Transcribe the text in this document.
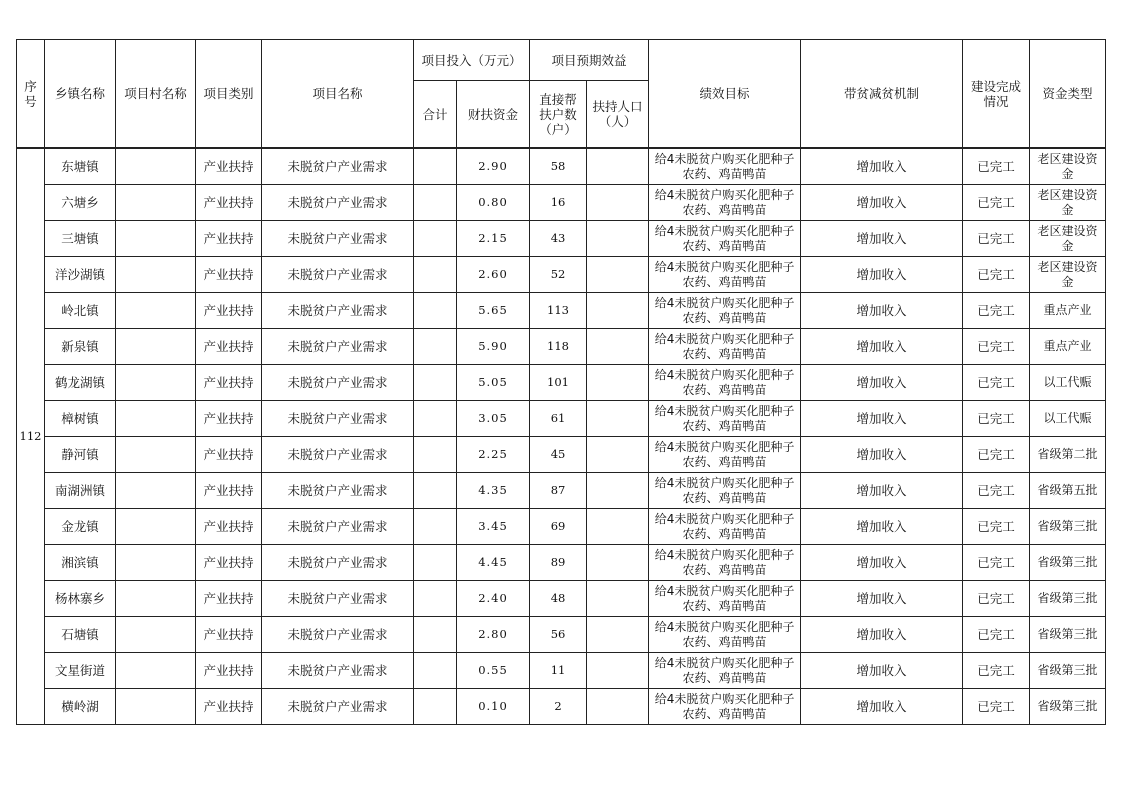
序
号	乡镇名称	项目村名称	项目类别	项目名称	项目投入（万元）		项目预期效益		绩效目标	带贫减贫机制	建设完成情况	资金类型
					合计	财扶资金	直接帮扶户数（户）	扶持人口（人）				
112	东塘镇		产业扶持	未脱贫户产业需求		2.90	58		给4未脱贫户购买化肥种子农药、鸡苗鸭苗	增加收入	已完工	老区建设资金
	六塘乡		产业扶持	未脱贫户产业需求		0.80	16		给4未脱贫户购买化肥种子农药、鸡苗鸭苗	增加收入	已完工	老区建设资金
	三塘镇		产业扶持	未脱贫户产业需求		2.15	43		给4未脱贫户购买化肥种子农药、鸡苗鸭苗	增加收入	已完工	老区建设资金
	洋沙湖镇		产业扶持	未脱贫户产业需求		2.60	52		给4未脱贫户购买化肥种子农药、鸡苗鸭苗	增加收入	已完工	老区建设资金
	岭北镇		产业扶持	未脱贫户产业需求		5.65	113		给4未脱贫户购买化肥种子农药、鸡苗鸭苗	增加收入	已完工	重点产业
	新泉镇		产业扶持	未脱贫户产业需求		5.90	118		给4未脱贫户购买化肥种子农药、鸡苗鸭苗	增加收入	已完工	重点产业
	鹤龙湖镇		产业扶持	未脱贫户产业需求		5.05	101		给4未脱贫户购买化肥种子农药、鸡苗鸭苗	增加收入	已完工	以工代赈
	樟树镇		产业扶持	未脱贫户产业需求		3.05	61		给4未脱贫户购买化肥种子农药、鸡苗鸭苗	增加收入	已完工	以工代赈
	静河镇		产业扶持	未脱贫户产业需求		2.25	45		给4未脱贫户购买化肥种子农药、鸡苗鸭苗	增加收入	已完工	省级第二批
	南湖洲镇		产业扶持	未脱贫户产业需求		4.35	87		给4未脱贫户购买化肥种子农药、鸡苗鸭苗	增加收入	已完工	省级第五批
	金龙镇		产业扶持	未脱贫户产业需求		3.45	69		给4未脱贫户购买化肥种子农药、鸡苗鸭苗	增加收入	已完工	省级第三批
	湘滨镇		产业扶持	未脱贫户产业需求		4.45	89		给4未脱贫户购买化肥种子农药、鸡苗鸭苗	增加收入	已完工	省级第三批
	杨林寨乡		产业扶持	未脱贫户产业需求		2.40	48		给4未脱贫户购买化肥种子农药、鸡苗鸭苗	增加收入	已完工	省级第三批
	石塘镇		产业扶持	未脱贫户产业需求		2.80	56		给4未脱贫户购买化肥种子农药、鸡苗鸭苗	增加收入	已完工	省级第三批
	文星街道		产业扶持	未脱贫户产业需求		0.55	11		给4未脱贫户购买化肥种子农药、鸡苗鸭苗	增加收入	已完工	省级第三批
	横岭湖		产业扶持	未脱贫户产业需求		0.10	2		给4未脱贫户购买化肥种子农药、鸡苗鸭苗	增加收入	已完工	省级第三批
